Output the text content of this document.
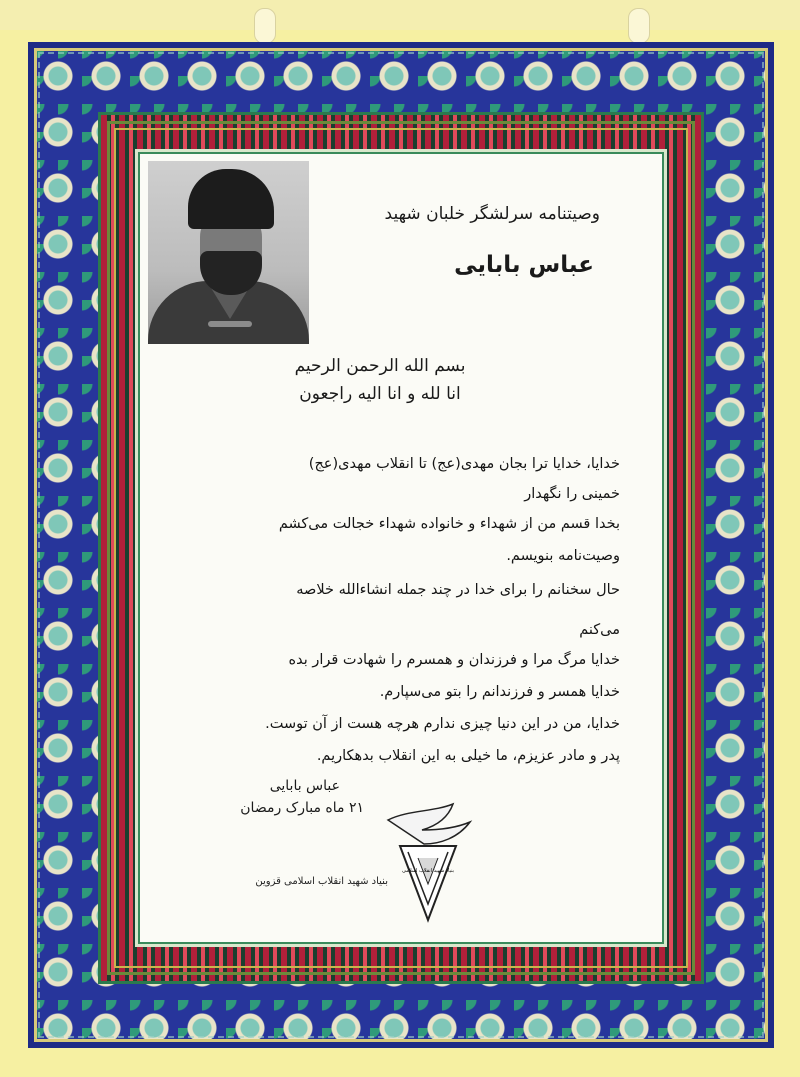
وصیتنامه سرلشگر خلبان شهید
عباس بابایی
بسم الله الرحمن الرحیم
انا لله و انا الیه راجعون
خدایا، خدایا ترا بجان مهدی(عج) تا انقلاب مهدی(عج)
خمینی را نگهدار
بخدا قسم من از شهداء و خانواده شهداء خجالت می‌کشم
وصیت‌نامه بنویسم.
حال سخنانم را برای خدا در چند جمله انشاءالله خلاصه
می‌کنم
خدایا مرگ مرا و فرزندان و همسرم را شهادت قرار بده
خدایا همسر و فرزندانم را بتو می‌سپارم.
خدایا، من در این دنیا چیزی ندارم هرچه هست از آن توست.
پدر و مادر عزیزم، ما خیلی به این انقلاب بدهکاریم.
عباس بابایی
۲۱ ماه مبارک رمضان
بنیاد شهید انقلاب اسلامی
بنیاد شهید انقلاب اسلامی قزوین
